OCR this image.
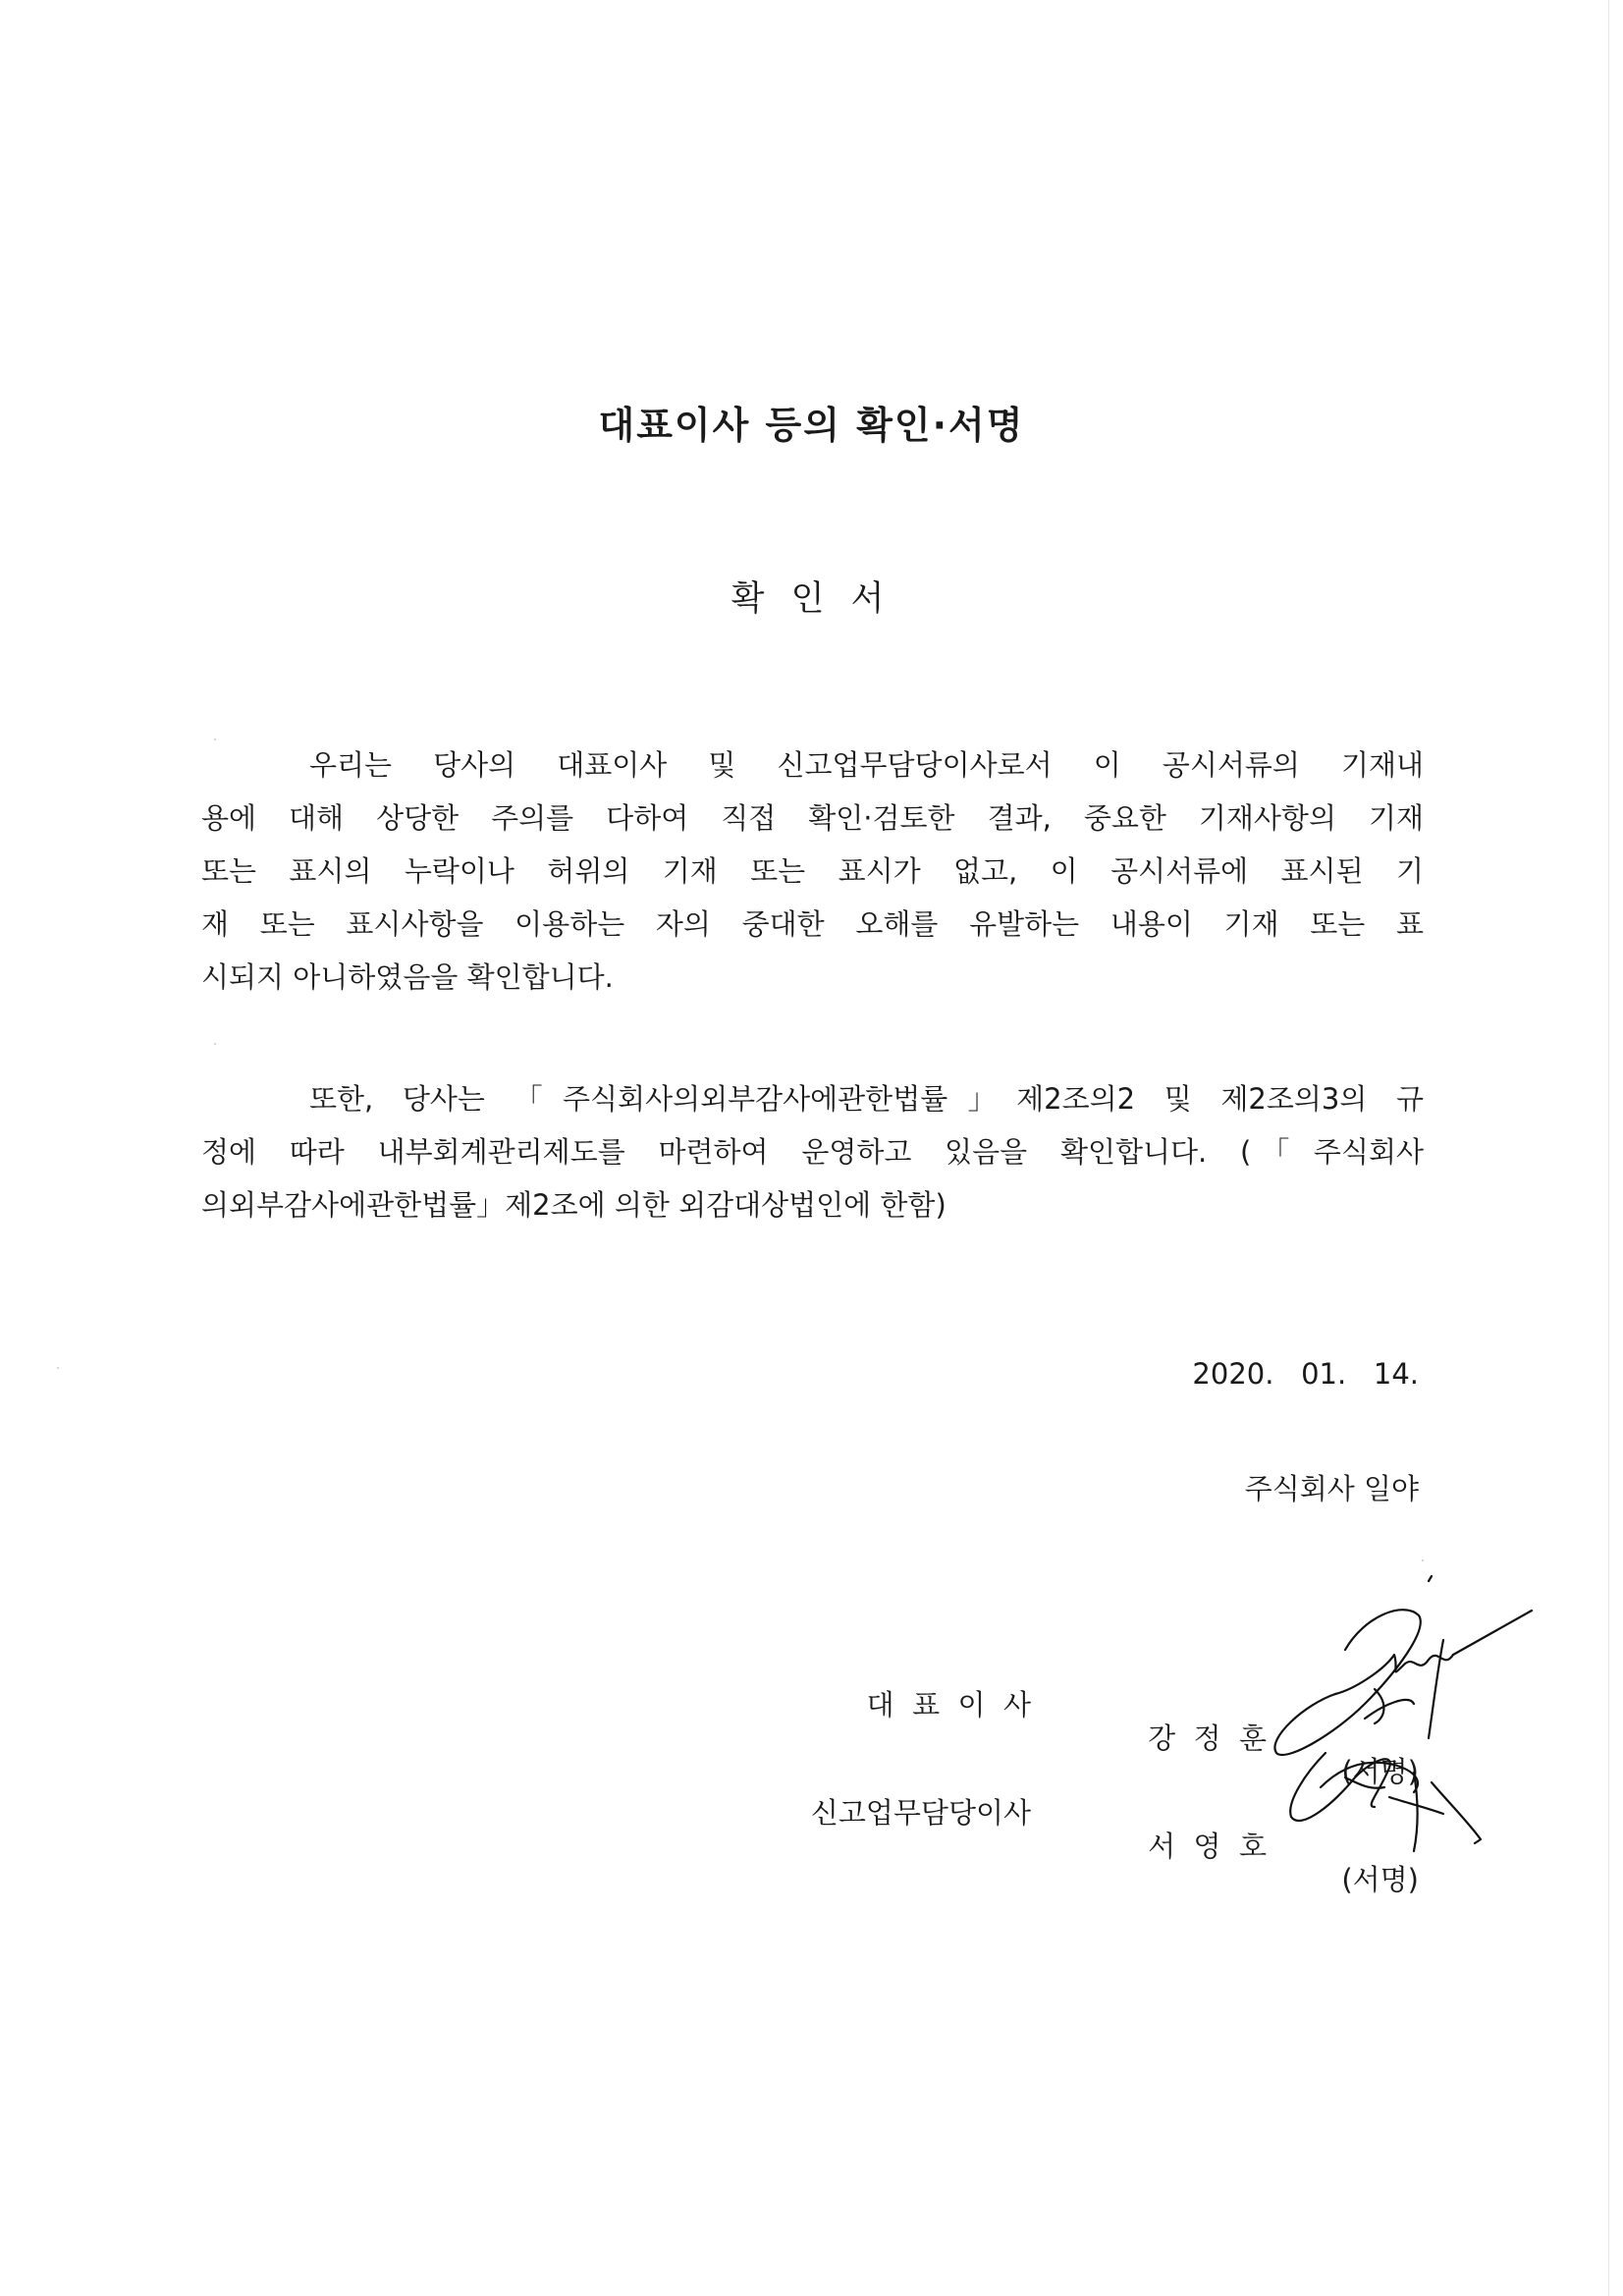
대표이사 등의 확인·서명
확 인 서
우리는 당사의 대표이사 및 신고업무담당이사로서 이 공시서류의 기재내
용에 대해 상당한 주의를 다하여 직접 확인·검토한 결과, 중요한 기재사항의 기재
또는 표시의 누락이나 허위의 기재 또는 표시가 없고, 이 공시서류에 표시된 기
재 또는 표시사항을 이용하는 자의 중대한 오해를 유발하는 내용이 기재 또는 표
시되지 아니하였음을 확인합니다.
또한, 당사는 「주식회사의외부감사에관한법률」제2조의2 및 제2조의3의 규
정에 따라 내부회계관리제도를 마련하여 운영하고 있음을 확인합니다. (「주식회사
의외부감사에관한법률」제2조에 의한 외감대상법인에 한함)
2020.   01.   14.
주식회사 일야

대  표  이  사

강  정  훈

(서명)

신고업무담당이사

서  영  호

(서명)
